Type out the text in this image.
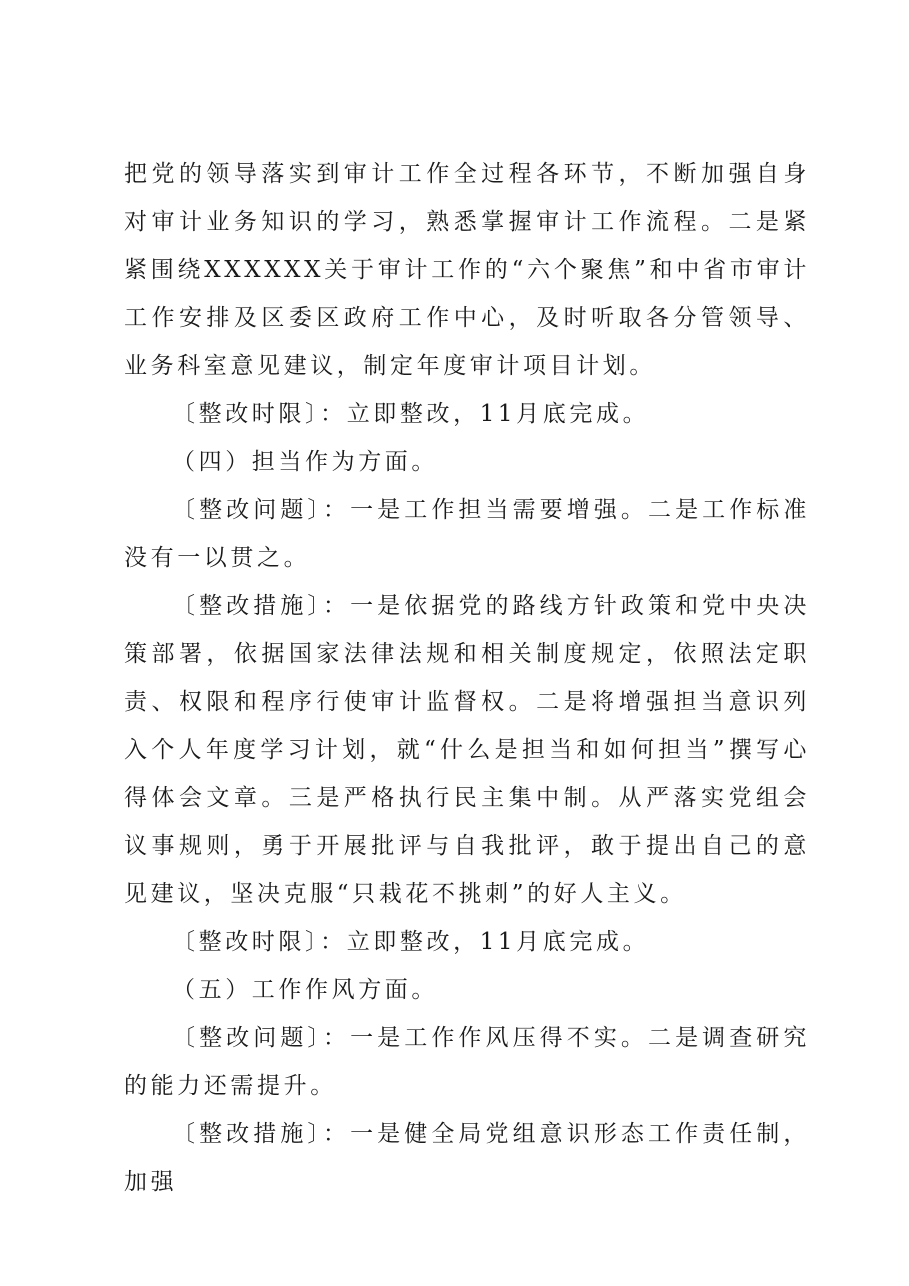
把党的领导落实到审计工作全过程各环节，不断加强自身对审计业务知识的学习，熟悉掌握审计工作流程。二是紧紧围绕XXXXXX关于审计工作的“六个聚焦”和中省市审计工作安排及区委区政府工作中心，及时听取各分管领导、业务科室意见建议，制定年度审计项目计划。

〔整改时限〕：立即整改，11月底完成。

（四）担当作为方面。

〔整改问题〕：一是工作担当需要增强。二是工作标准没有一以贯之。

〔整改措施〕：一是依据党的路线方针政策和党中央决策部署，依据国家法律法规和相关制度规定，依照法定职责、权限和程序行使审计监督权。二是将增强担当意识列入个人年度学习计划，就“什么是担当和如何担当”撰写心得体会文章。三是严格执行民主集中制。从严落实党组会议事规则，勇于开展批评与自我批评，敢于提出自己的意见建议，坚决克服“只栽花不挑刺”的好人主义。

〔整改时限〕：立即整改，11月底完成。

（五）工作作风方面。

〔整改问题〕：一是工作作风压得不实。二是调查研究的能力还需提升。

〔整改措施〕：一是健全局党组意识形态工作责任制，加强
